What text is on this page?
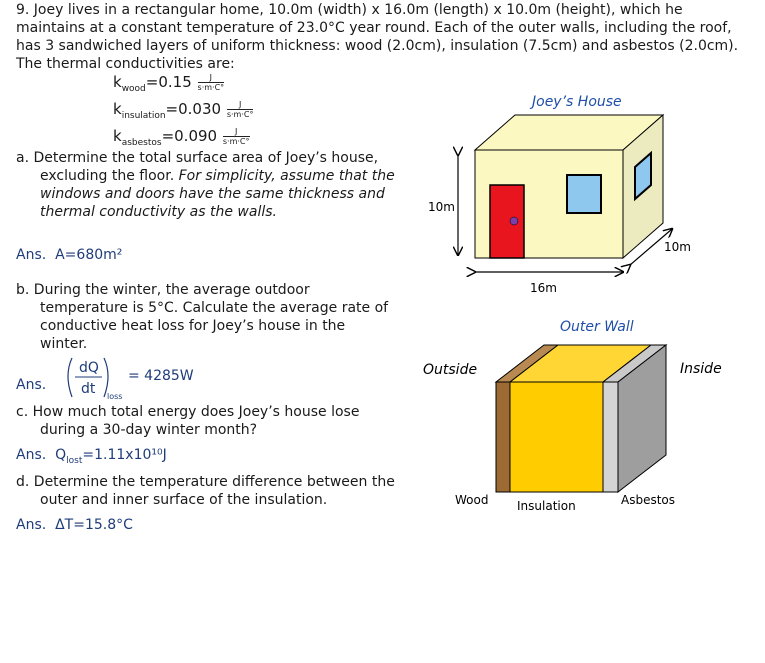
9. Joey lives in a rectangular home, 10.0m (width) x 16.0m (length) x 10.0m (height), which he maintains at a constant temperature of 23.0°C year round. Each of the outer walls, including the roof, has 3 sandwiched layers of uniform thickness: wood (2.0cm), insulation (7.5cm) and asbestos (2.0cm). The thermal conductivities are:
$k_{wood}=0.15 \frac{J}{s\cdot m\cdot C^\circ}$
$k_{insulation}=0.030 \frac{J}{s\cdot m\cdot C^\circ}$
$k_{asbestos}=0.090 \frac{J}{s\cdot m\cdot C^\circ}$
a. Determine the total surface area of Joey’s house, excluding the floor. For simplicity, assume that the windows and doors have the same thickness and thermal conductivity as the walls.
Ans. A=680m²
b. During the winter, the average outdoor temperature is 5°C. Calculate the average rate of conductive heat loss for Joey’s house in the winter.
Ans.
dQ
dt loss
= 4285W
c. How much total energy does Joey’s house lose during a 30-day winter month?
Ans. $Q_{lost}=1.11x10^{10}J$
d. Determine the temperature difference between the outer and inner surface of the insulation.
Ans. ΔT=15.8°C
Joey’s House
10m
16m
10m
Outer Wall
Outside	Inside
Wood Insulation	Asbestos
